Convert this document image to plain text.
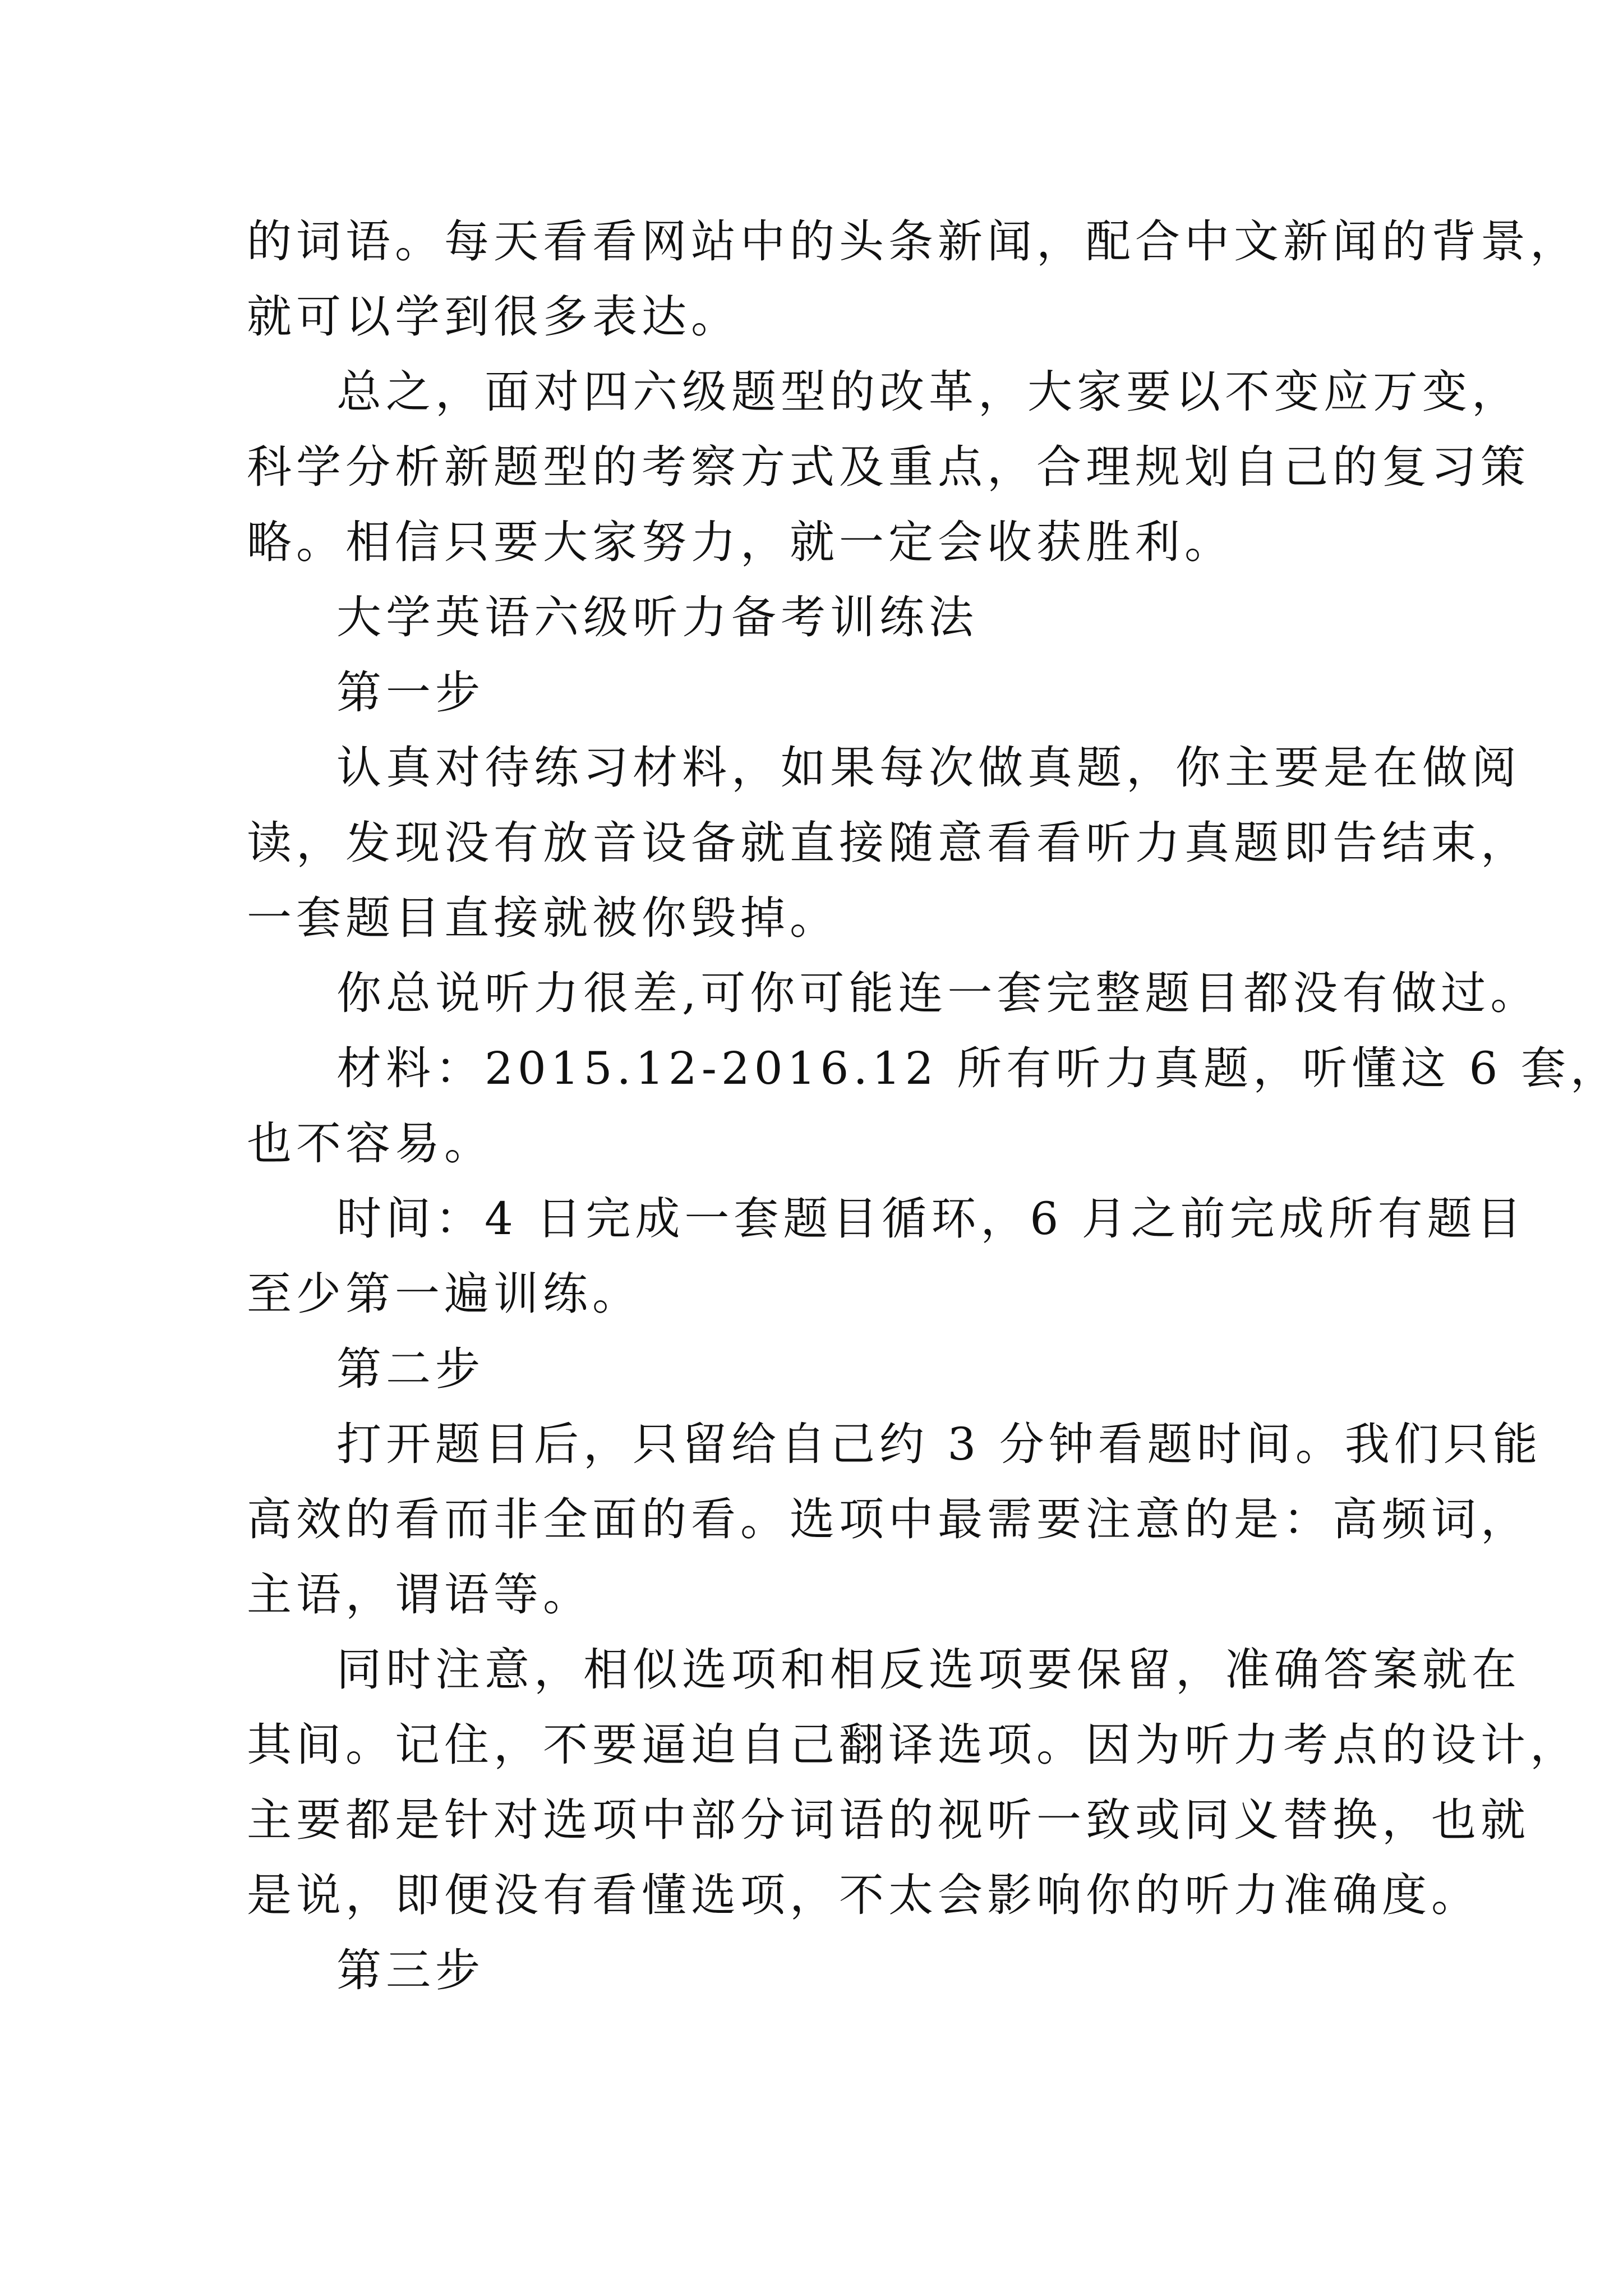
的词语。每天看看网站中的头条新闻，配合中文新闻的背景，

就可以学到很多表达。

总之，面对四六级题型的改革，大家要以不变应万变，

科学分析新题型的考察方式及重点，合理规划自己的复习策

略。相信只要大家努力，就一定会收获胜利。

大学英语六级听力备考训练法

第一步

认真对待练习材料，如果每次做真题，你主要是在做阅

读，发现没有放音设备就直接随意看看听力真题即告结束，

一套题目直接就被你毁掉。

你总说听力很差,可你可能连一套完整题目都没有做过。

材料：2015.12-2016.12 所有听力真题，听懂这 6 套，

也不容易。

时间：4 日完成一套题目循环，6 月之前完成所有题目

至少第一遍训练。

第二步

打开题目后，只留给自己约 3 分钟看题时间。我们只能

高效的看而非全面的看。选项中最需要注意的是：高频词，

主语，谓语等。

同时注意，相似选项和相反选项要保留，准确答案就在

其间。记住，不要逼迫自己翻译选项。因为听力考点的设计，

主要都是针对选项中部分词语的视听一致或同义替换，也就

是说，即便没有看懂选项，不太会影响你的听力准确度。

第三步
